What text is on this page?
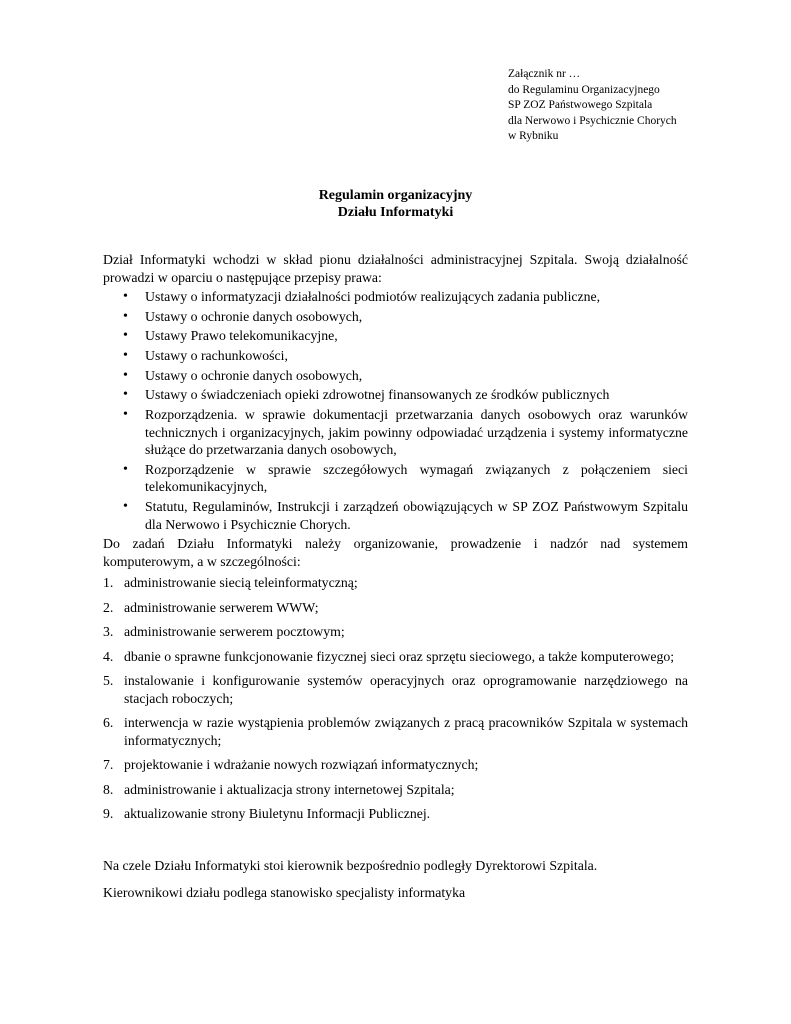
Załącznik nr …
do Regulaminu Organizacyjnego
SP ZOZ Państwowego Szpitala
dla Nerwowo i Psychicznie Chorych
w Rybniku
Regulamin organizacyjny
Działu Informatyki

Dział Informatyki wchodzi w skład pionu działalności administracyjnej Szpitala. Swoją działalność prowadzi w oparciu o następujące przepisy prawa:

• Ustawy o informatyzacji działalności podmiotów realizujących zadania publiczne,
• Ustawy o ochronie danych osobowych,
• Ustawy Prawo telekomunikacyjne,
• Ustawy o rachunkowości,
• Ustawy o ochronie danych osobowych,
• Ustawy o świadczeniach opieki zdrowotnej finansowanych ze środków publicznych
• Rozporządzenia. w sprawie dokumentacji przetwarzania danych osobowych oraz warunków technicznych i organizacyjnych, jakim powinny odpowiadać urządzenia i systemy informatyczne służące do przetwarzania danych osobowych,
• Rozporządzenie w sprawie szczegółowych wymagań związanych z połączeniem sieci telekomunikacyjnych,
• Statutu, Regulaminów, Instrukcji i zarządzeń obowiązujących w SP ZOZ Państwowym Szpitalu dla Nerwowo i Psychicznie Chorych.

Do zadań Działu Informatyki należy organizowanie, prowadzenie i nadzór nad systemem komputerowym, a w szczególności:

1. administrowanie siecią teleinformatyczną;
2. administrowanie serwerem WWW;
3. administrowanie serwerem pocztowym;
4. dbanie o sprawne funkcjonowanie fizycznej sieci oraz sprzętu sieciowego, a także komputerowego;
5. instalowanie i konfigurowanie systemów operacyjnych oraz oprogramowanie narzędziowego na stacjach roboczych;
6. interwencja w razie wystąpienia problemów związanych z pracą pracowników Szpitala w systemach informatycznych;
7. projektowanie i wdrażanie nowych rozwiązań informatycznych;
8. administrowanie i aktualizacja strony internetowej Szpitala;
9. aktualizowanie strony Biuletynu Informacji Publicznej.

Na czele Działu Informatyki stoi kierownik bezpośrednio podległy Dyrektorowi Szpitala.

Kierownikowi działu podlega stanowisko specjalisty informatyka
